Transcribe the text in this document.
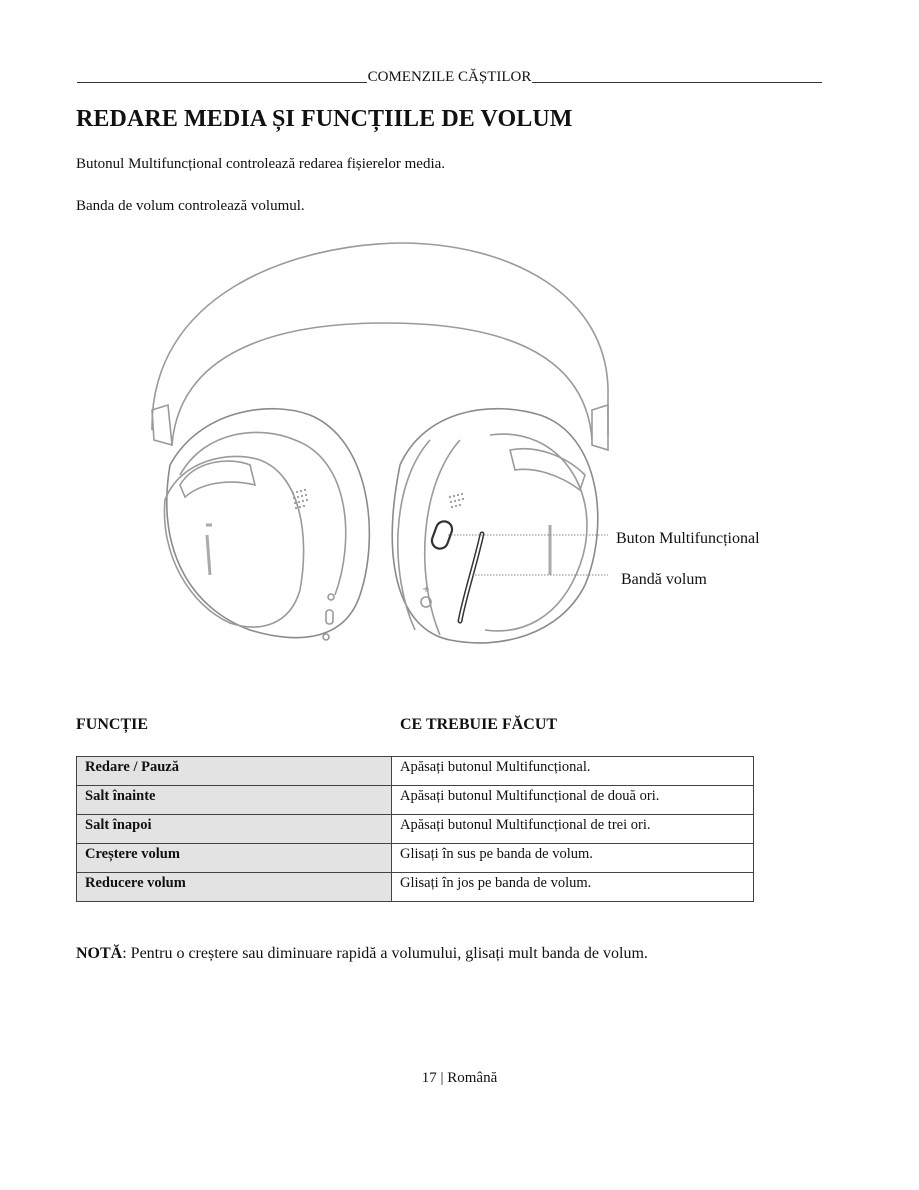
COMENZILE CĂȘTILOR
REDARE MEDIA ȘI FUNCȚIILE DE VOLUM
Butonul Multifuncțional controlează redarea fișierelor media.
Banda de volum controlează volumul.
Buton Multifuncțional
Bandă volum
FUNCȚIE	CE TREBUIE FĂCUT
Redare / Pauză	Apăsați butonul Multifuncțional.
Salt înainte	Apăsați butonul Multifuncțional de două ori.
Salt înapoi	Apăsați butonul Multifuncțional de trei ori.
Creștere volum	Glisați în sus pe banda de volum.
Reducere volum	Glisați în jos pe banda de volum.
NOTĂ: Pentru o creștere sau diminuare rapidă a volumului, glisați mult banda de volum.
17 | Română
